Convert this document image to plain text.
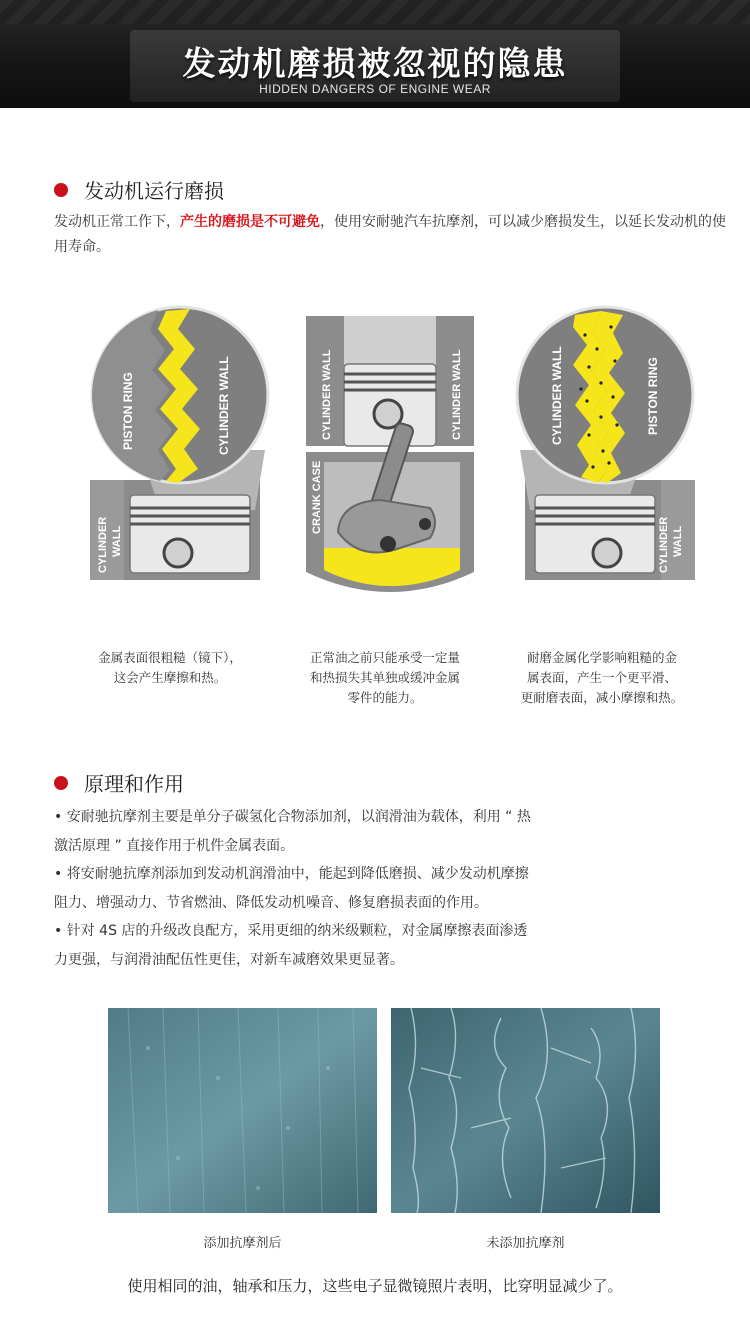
发动机磨损被忽视的隐患
HIDDEN DANGERS OF ENGINE WEAR
发动机运行磨损
发动机正常工作下，产生的磨损是不可避免，使用安耐驰汽车抗摩剂，可以减少磨损发生，以延长发动机的使用寿命。
PISTON RING	CYLINDER WALL
CYLINDER WALL
CYLINDER WALL	CYLINDER WALL
CRANK CASE
CYLINDER WALL	PISTON RING
CYLINDER WALL
金属表面很粗糙（镜下），
这会产生摩擦和热。
正常油之前只能承受一定量
和热损失其单独或缓冲金属
零件的能力。
耐磨金属化学影响粗糙的金
属表面，产生一个更平滑、
更耐磨表面，减小摩擦和热。
原理和作用
• 安耐驰抗摩剂主要是单分子碳氢化合物添加剂，以润滑油为载体，利用 “ 热
激活原理 ” 直接作用于机件金属表面。
• 将安耐驰抗摩剂添加到发动机润滑油中，能起到降低磨损、减少发动机摩擦
阻力、增强动力、节省燃油、降低发动机噪音、修复磨损表面的作用。
• 针对 4S 店的升级改良配方，采用更细的纳米级颗粒，对金属摩擦表面渗透
力更强，与润滑油配伍性更佳，对新车减磨效果更显著。
添加抗摩剂后	未添加抗摩剂
使用相同的油，轴承和压力，这些电子显微镜照片表明，比穿明显减少了。
